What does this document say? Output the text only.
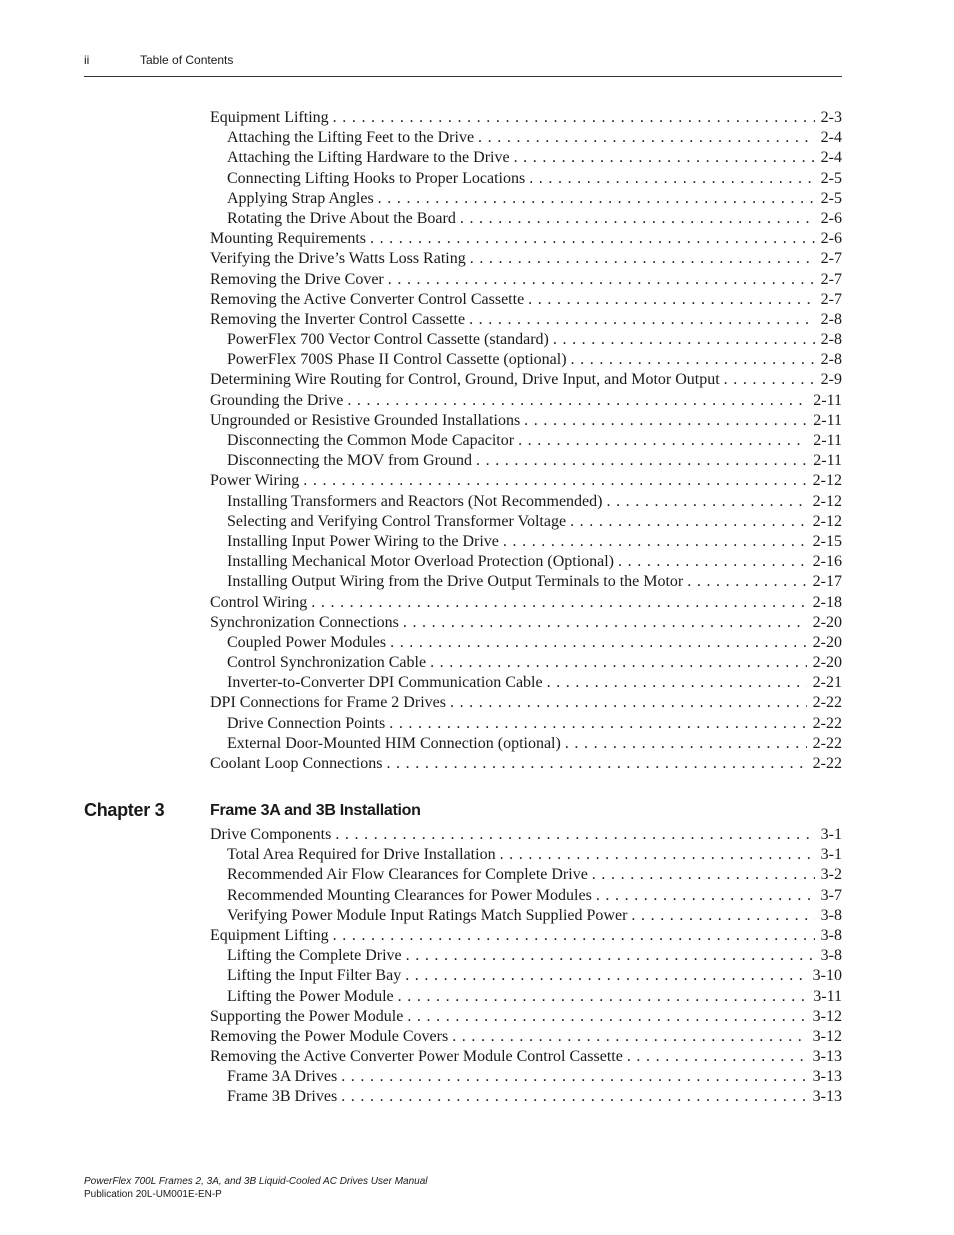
ii	Table of Contents
Equipment Lifting . . .	2-3
Attaching the Lifting Feet to the Drive . . .	2-4
Attaching the Lifting Hardware to the Drive . . .	2-4
Connecting Lifting Hooks to Proper Locations . . .	2-5
Applying Strap Angles . . .	2-5
Rotating the Drive About the Board . . .	2-6
Mounting Requirements . . .	2-6
Verifying the Drive’s Watts Loss Rating . . .	2-7
Removing the Drive Cover . . .	2-7
Removing the Active Converter Control Cassette . . .	2-7
Removing the Inverter Control Cassette . . .	2-8
PowerFlex 700 Vector Control Cassette (standard) . . .	2-8
PowerFlex 700S Phase II Control Cassette (optional) . . .	2-8
Determining Wire Routing for Control, Ground, Drive Input, and Motor Output . . .	2-9
Grounding the Drive . . .	2-11
Ungrounded or Resistive Grounded Installations . . .	2-11
Disconnecting the Common Mode Capacitor . . .	2-11
Disconnecting the MOV from Ground . . .	2-11
Power Wiring . . .	2-12
Installing Transformers and Reactors (Not Recommended) . . .	2-12
Selecting and Verifying Control Transformer Voltage . . .	2-12
Installing Input Power Wiring to the Drive . . .	2-15
Installing Mechanical Motor Overload Protection (Optional) . . .	2-16
Installing Output Wiring from the Drive Output Terminals to the Motor . . .	2-17
Control Wiring . . .	2-18
Synchronization Connections . . .	2-20
Coupled Power Modules . . .	2-20
Control Synchronization Cable . . .	2-20
Inverter-to-Converter DPI Communication Cable . . .	2-21
DPI Connections for Frame 2 Drives . . .	2-22
Drive Connection Points . . .	2-22
External Door-Mounted HIM Connection (optional) . . .	2-22
Coolant Loop Connections . . .	2-22
Chapter 3	Frame 3A and 3B Installation
Drive Components . . .	3-1
Total Area Required for Drive Installation . . .	3-1
Recommended Air Flow Clearances for Complete Drive . . .	3-2
Recommended Mounting Clearances for Power Modules . . .	3-7
Verifying Power Module Input Ratings Match Supplied Power . . .	3-8
Equipment Lifting . . .	3-8
Lifting the Complete Drive . . .	3-8
Lifting the Input Filter Bay . . .	3-10
Lifting the Power Module . . .	3-11
Supporting the Power Module . . .	3-12
Removing the Power Module Covers . . .	3-12
Removing the Active Converter Power Module Control Cassette . . .	3-13
Frame 3A Drives . . .	3-13
Frame 3B Drives . . .	3-13
PowerFlex 700L Frames 2, 3A, and 3B Liquid-Cooled AC Drives User Manual
Publication 20L-UM001E-EN-P
